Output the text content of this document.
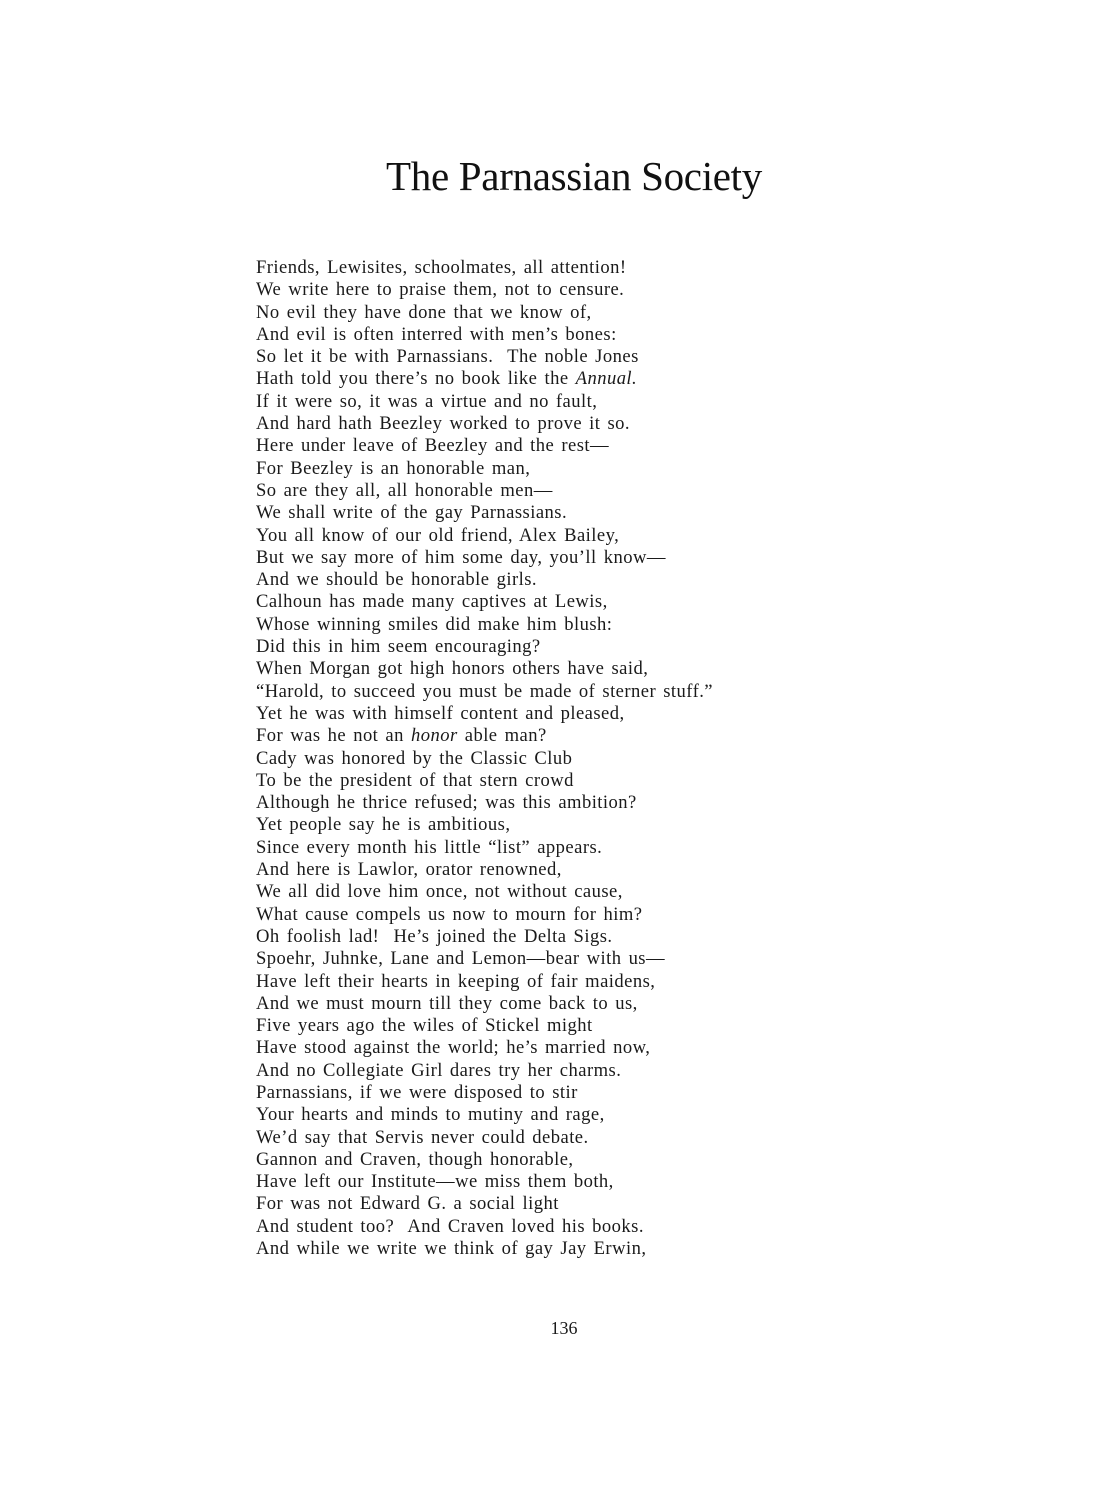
The Parnassian Society
Friends, Lewisites, schoolmates, all attention!
We write here to praise them, not to censure.
No evil they have done that we know of,
And evil is often interred with men’s bones:
So let it be with Parnassians.  The noble Jones
Hath told you there’s no book like the Annual.
If it were so, it was a virtue and no fault,
And hard hath Beezley worked to prove it so.
Here under leave of Beezley and the rest—
For Beezley is an honorable man,
So are they all, all honorable men—
We shall write of the gay Parnassians.
You all know of our old friend, Alex Bailey,
But we say more of him some day, you’ll know—
And we should be honorable girls.
Calhoun has made many captives at Lewis,
Whose winning smiles did make him blush:
Did this in him seem encouraging?
When Morgan got high honors others have said,
“Harold, to succeed you must be made of sterner stuff.”
Yet he was with himself content and pleased,
For was he not an honor able man?
Cady was honored by the Classic Club
To be the president of that stern crowd
Although he thrice refused; was this ambition?
Yet people say he is ambitious,
Since every month his little “list” appears.
And here is Lawlor, orator renowned,
We all did love him once, not without cause,
What cause compels us now to mourn for him?
Oh foolish lad!  He’s joined the Delta Sigs.
Spoehr, Juhnke, Lane and Lemon—bear with us—
Have left their hearts in keeping of fair maidens,
And we must mourn till they come back to us,
Five years ago the wiles of Stickel might
Have stood against the world; he’s married now,
And no Collegiate Girl dares try her charms.
Parnassians, if we were disposed to stir
Your hearts and minds to mutiny and rage,
We’d say that Servis never could debate.
Gannon and Craven, though honorable,
Have left our Institute—we miss them both,
For was not Edward G. a social light
And student too?  And Craven loved his books.
And while we write we think of gay Jay Erwin,
136
